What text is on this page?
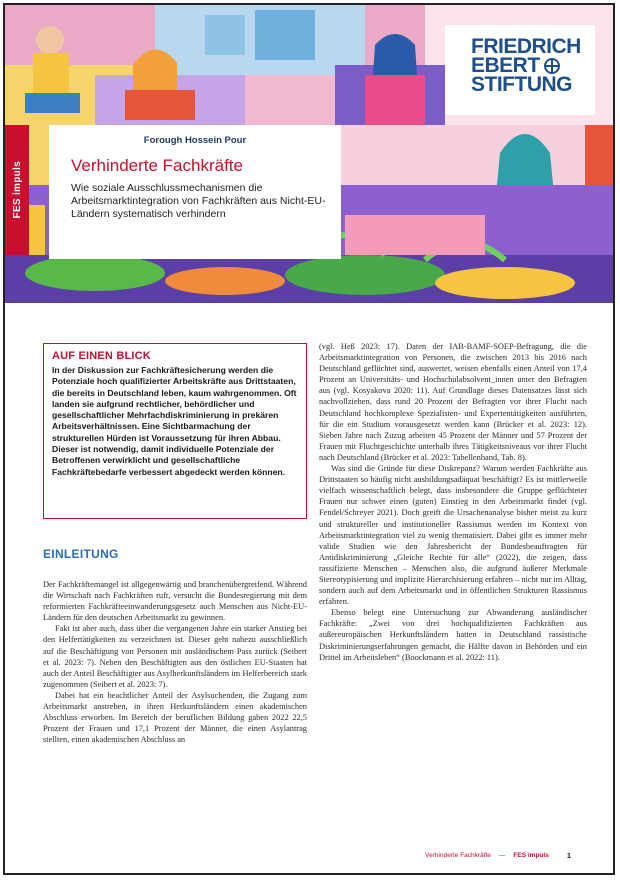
FES impuls
FRIEDRICH
EBERT
STIFTUNG
Forough Hossein Pour
Verhinderte Fachkräfte
Wie soziale Ausschlussmechanismen die Arbeitsmarktintegration von Fachkräften aus Nicht-EU-Ländern systematisch verhindern
AUF EINEN BLICK
In der Diskussion zur Fachkräftesicherung werden die Potenziale hoch qualifizierter Arbeitskräfte aus Drittstaaten, die bereits in Deutschland leben, kaum wahrgenommen. Oft landen sie aufgrund rechtlicher, behördlicher und gesellschaftlicher Mehrfachdiskriminierung in prekären Arbeitsverhältnissen. Eine Sichtbarmachung der strukturellen Hürden ist Voraussetzung für ihren Abbau. Dieser ist notwendig, damit individuelle Potenziale der Betroffenen verwirklicht und gesellschaftliche Fachkräftebedarfe verbessert abgedeckt werden können.
EINLEITUNG

Der Fachkräftemangel ist allgegenwärtig und branchenübergreifend. Während die Wirtschaft nach Fachkräften ruft, versucht die Bundesregierung mit dem reformierten Fachkräfteeinwanderungsgesetz auch Menschen aus Nicht-EU-Ländern für den deutschen Arbeitsmarkt zu gewinnen.

Fakt ist aber auch, dass über die vergangenen Jahre ein starker Anstieg bei den Helfertätigkeiten zu verzeichnen ist. Dieser geht nahezu ausschließlich auf die Beschäftigung von Personen mit ausländischem Pass zurück (Seibert et al. 2023: 7). Neben den Beschäftigten aus den östlichen EU-Staaten hat auch der Anteil Beschäftigter aus Asylherkunftsländern im Helferbereich stark zugenommen (Seibert et al. 2023: 7).

Dabei hat ein beachtlicher Anteil der Asylsuchenden, die Zugang zum Arbeitsmarkt anstreben, in ihren Herkunftsländern einen akademischen Abschluss erworben. Im Bereich der beruflichen Bildung gaben 2022 22,5 Prozent der Frauen und 17,1 Prozent der Männer, die einen Asylantrag stellten, einen akademischen Abschluss an

(vgl. Heß 2023: 17). Daten der IAB-BAMF-SOEP-Befragung, die die Arbeitsmarktintegration von Personen, die zwischen 2013 bis 2016 nach Deutschland geflüchtet sind, auswertet, weisen ebenfalls einen Anteil von 17,4 Prozent an Universitäts- und Hochschulabsolvent_innen unter den Befragten aus (vgl. Kosyakova 2020: 11). Auf Grundlage dieses Datensatzes lässt sich nachvollziehen, dass rund 20 Prozent der Befragten vor ihrer Flucht nach Deutschland hochkomplexe Spezialisten- und Expertentätigkeiten ausführten, für die ein Studium vorausgesetzt werden kann (Brücker et al. 2023: 12). Sieben Jahre nach Zuzug arbeiten 45 Prozent der Männer und 57 Prozent der Frauen mit Fluchtgeschichte unterhalb ihres Tätigkeitsniveaus vor ihrer Flucht nach Deutschland (Brücker et al. 2023: Tabellenband, Tab. 8).

Was sind die Gründe für diese Diskrepanz? Warum werden Fachkräfte aus Drittstaaten so häufig nicht ausbildungsadäquat beschäftigt? Es ist mittlerweile vielfach wissenschaftlich belegt, dass insbesondere die Gruppe geflüchteter Frauen nur schwer einen (guten) Einstieg in den Arbeitsmarkt findet (vgl. Fendel/Schreyer 2021). Doch greift die Ursachenanalyse bisher meist zu kurz und struktureller und institutioneller Rassismus werden im Kontext von Arbeitsmarktintegration viel zu wenig thematisiert. Dabei gibt es immer mehr valide Studien wie den Jahresbericht der Bundesbeauftragten für Antidiskriminierung „Gleiche Rechte für alle“ (2022), die zeigen, dass rassifizierte Menschen – Menschen also, die aufgrund äußerer Merkmale Stereotypisierung und implizite Hierarchisierung erfahren – nicht nur im Alltag, sondern auch auf dem Arbeitsmarkt und in öffentlichen Strukturen Rassismus erfahren.

Ebenso belegt eine Untersuchung zur Abwanderung ausländischer Fachkräfte: „Zwei von drei hochqualifizierten Fachkräften aus außereuropäischen Herkunftsländern hatten in Deutschland rassistische Diskriminierungserfahrungen gemacht, die Hälfte davon in Behörden und ein Drittel im Arbeitsleben“ (Boockmann et al. 2022: 11).

Verhinderte Fachkräfte — FES impuls 1
